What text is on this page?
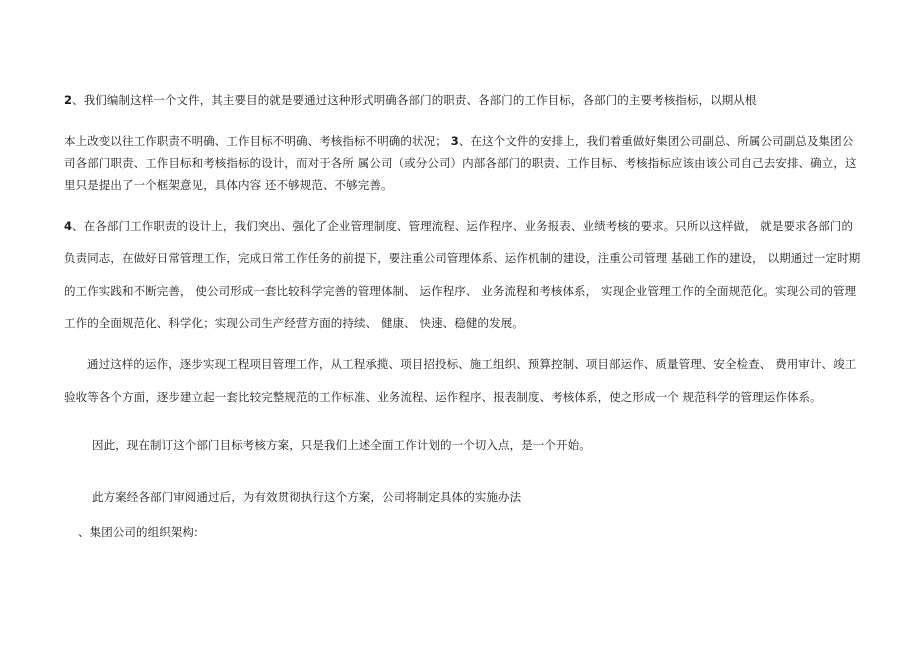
2、我们编制这样一个文件，其主要目的就是要通过这种形式明确各部门的职责、各部门的工作目标，各部门的主要考核指标，以期从根
本上改变以往工作职责不明确、工作目标不明确、考核指标不明确的状况； 3、在这个文件的安排上，我们着重做好集团公司副总、所属公司副总及集团公
司各部门职责、工作目标和考核指标的设计，而对于各所 属公司（或分公司）内部各部门的职责、工作目标、考核指标应该由该公司自己去安排、确立，这
里只是提出了一个框架意见，具体内容 还不够规范、不够完善。
4、在各部门工作职责的设计上，我们突出、强化了企业管理制度、管理流程、运作程序、业务报表、业绩考核的要求。只所以这样做， 就是要求各部门的
负责同志，在做好日常管理工作，完成日常工作任务的前提下，要注重公司管理体系、运作机制的建设，注重公司管理 基础工作的建设， 以期通过一定时期
的工作实践和不断完善， 使公司形成一套比较科学完善的管理体制、 运作程序、 业务流程和考核体系， 实现企业管理工作的全面规范化。实现公司的管理
工作的全面规范化、科学化；实现公司生产经营方面的持续、 健康、 快速、稳健的发展。
通过这样的运作，逐步实现工程项目管理工作，从工程承揽、项目招投标、施工组织、预算控制、项目部运作、质量管理、安全检查、 费用审计、竣工
验收等各个方面，逐步建立起一套比较完整规范的工作标准、业务流程、运作程序、报表制度、考核体系，使之形成一个 规范科学的管理运作体系。
因此，现在制订这个部门目标考核方案，只是我们上述全面工作计划的一个切入点，是一个开始。
此方案经各部门审阅通过后，为有效贯彻执行这个方案，公司将制定具体的实施办法
、集团公司的组织架构:
